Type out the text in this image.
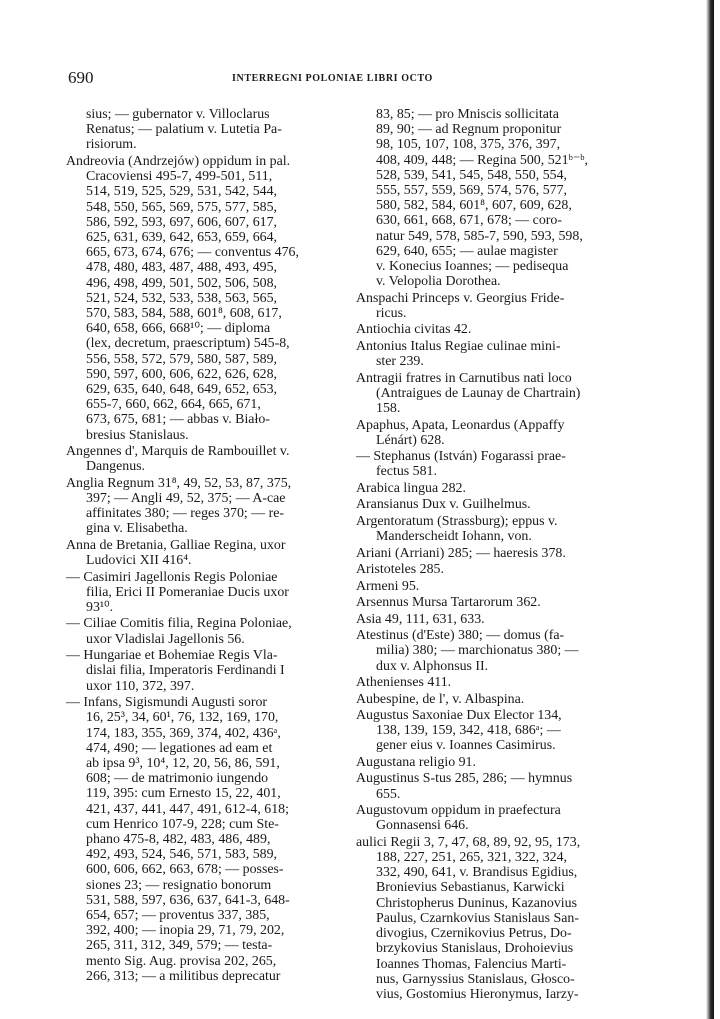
690	INTERREGNI POLONIAE LIBRI OCTO

sius; — gubernator v. Villoclarus
Renatus; — palatium v. Lutetia Pa-
risiorum.

Andreovia (Andrzejów) oppidum in pal.
Cracoviensi 495-7, 499-501, 511,
514, 519, 525, 529, 531, 542, 544,
548, 550, 565, 569, 575, 577, 585,
586, 592, 593, 697, 606, 607, 617,
625, 631, 639, 642, 653, 659, 664,
665, 673, 674, 676; — conventus 476,
478, 480, 483, 487, 488, 493, 495,
496, 498, 499, 501, 502, 506, 508,
521, 524, 532, 533, 538, 563, 565,
570, 583, 584, 588, 601⁸, 608, 617,
640, 658, 666, 668¹⁰; — diploma
(lex, decretum, praescriptum) 545-8,
556, 558, 572, 579, 580, 587, 589,
590, 597, 600, 606, 622, 626, 628,
629, 635, 640, 648, 649, 652, 653,
655-7, 660, 662, 664, 665, 671,
673, 675, 681; — abbas v. Biało-
bresius Stanislaus.

Angennes d', Marquis de Rambouillet v.
Dangenus.

Anglia Regnum 31⁸, 49, 52, 53, 87, 375,
397; — Angli 49, 52, 375; — A-cae
affinitates 380; — reges 370; — re-
gina v. Elisabetha.

Anna de Bretania, Galliae Regina, uxor
Ludovici XII 416⁴.

— Casimiri Jagellonis Regis Poloniae
filia, Erici II Pomeraniae Ducis uxor
93¹⁰.

— Ciliae Comitis filia, Regina Poloniae,
uxor Vladislai Jagellonis 56.

— Hungariae et Bohemiae Regis Vla-
dislai filia, Imperatoris Ferdinandi I
uxor 110, 372, 397.

— Infans, Sigismundi Augusti soror
16, 25³, 34, 60¹, 76, 132, 169, 170,
174, 183, 355, 369, 374, 402, 436ᵃ,
474, 490; — legationes ad eam et
ab ipsa 9³, 10⁴, 12, 20, 56, 86, 591,
608; — de matrimonio iungendo
119, 395: cum Ernesto 15, 22, 401,
421, 437, 441, 447, 491, 612-4, 618;
cum Henrico 107-9, 228; cum Ste-
phano 475-8, 482, 483, 486, 489,
492, 493, 524, 546, 571, 583, 589,
600, 606, 662, 663, 678; — posses-
siones 23; — resignatio bonorum
531, 588, 597, 636, 637, 641-3, 648-
654, 657; — proventus 337, 385,
392, 400; — inopia 29, 71, 79, 202,
265, 311, 312, 349, 579; — testa-
mento Sig. Aug. provisa 202, 265,
266, 313; — a militibus deprecatur

83, 85; — pro Mniscis sollicitata
89, 90; — ad Regnum proponitur
98, 105, 107, 108, 375, 376, 397,
408, 409, 448; — Regina 500, 521ᵇ⁻ᵇ,
528, 539, 541, 545, 548, 550, 554,
555, 557, 559, 569, 574, 576, 577,
580, 582, 584, 601⁸, 607, 609, 628,
630, 661, 668, 671, 678; — coro-
natur 549, 578, 585-7, 590, 593, 598,
629, 640, 655; — aulae magister
v. Konecius Ioannes; — pedisequa
v. Velopolia Dorothea.

Anspachi Princeps v. Georgius Fride-
ricus.

Antiochia civitas 42.

Antonius Italus Regiae culinae mini-
ster 239.

Antragii fratres in Carnutibus nati loco
(Antraigues de Launay de Chartrain)
158.

Apaphus, Apata, Leonardus (Appaffy
Lénárt) 628.

— Stephanus (István) Fogarassi prae-
fectus 581.

Arabica lingua 282.

Aransianus Dux v. Guilhelmus.

Argentoratum (Strassburg); eppus v.
Manderscheidt Iohann, von.

Ariani (Arriani) 285; — haeresis 378.

Aristoteles 285.

Armeni 95.

Arsennus Mursa Tartarorum 362.

Asia 49, 111, 631, 633.

Atestinus (d'Este) 380; — domus (fa-
milia) 380; — marchionatus 380; —
dux v. Alphonsus II.

Athenienses 411.

Aubespine, de l', v. Albaspina.

Augustus Saxoniae Dux Elector 134,
138, 139, 159, 342, 418, 686ᵃ; —
gener eius v. Ioannes Casimirus.

Augustana religio 91.

Augustinus S-tus 285, 286; — hymnus
655.

Augustovum oppidum in praefectura
Gonnasensi 646.

aulici Regii 3, 7, 47, 68, 89, 92, 95, 173,
188, 227, 251, 265, 321, 322, 324,
332, 490, 641, v. Brandisus Egidius,
Bronievius Sebastianus, Karwicki
Christopherus Duninus, Kazanovius
Paulus, Czarnkovius Stanislaus San-
divogius, Czernikovius Petrus, Do-
brzykovius Stanislaus, Drohoievius
Ioannes Thomas, Falencius Marti-
nus, Garnyssius Stanislaus, Głosco-
vius, Gostomius Hieronymus, Iarzy-
